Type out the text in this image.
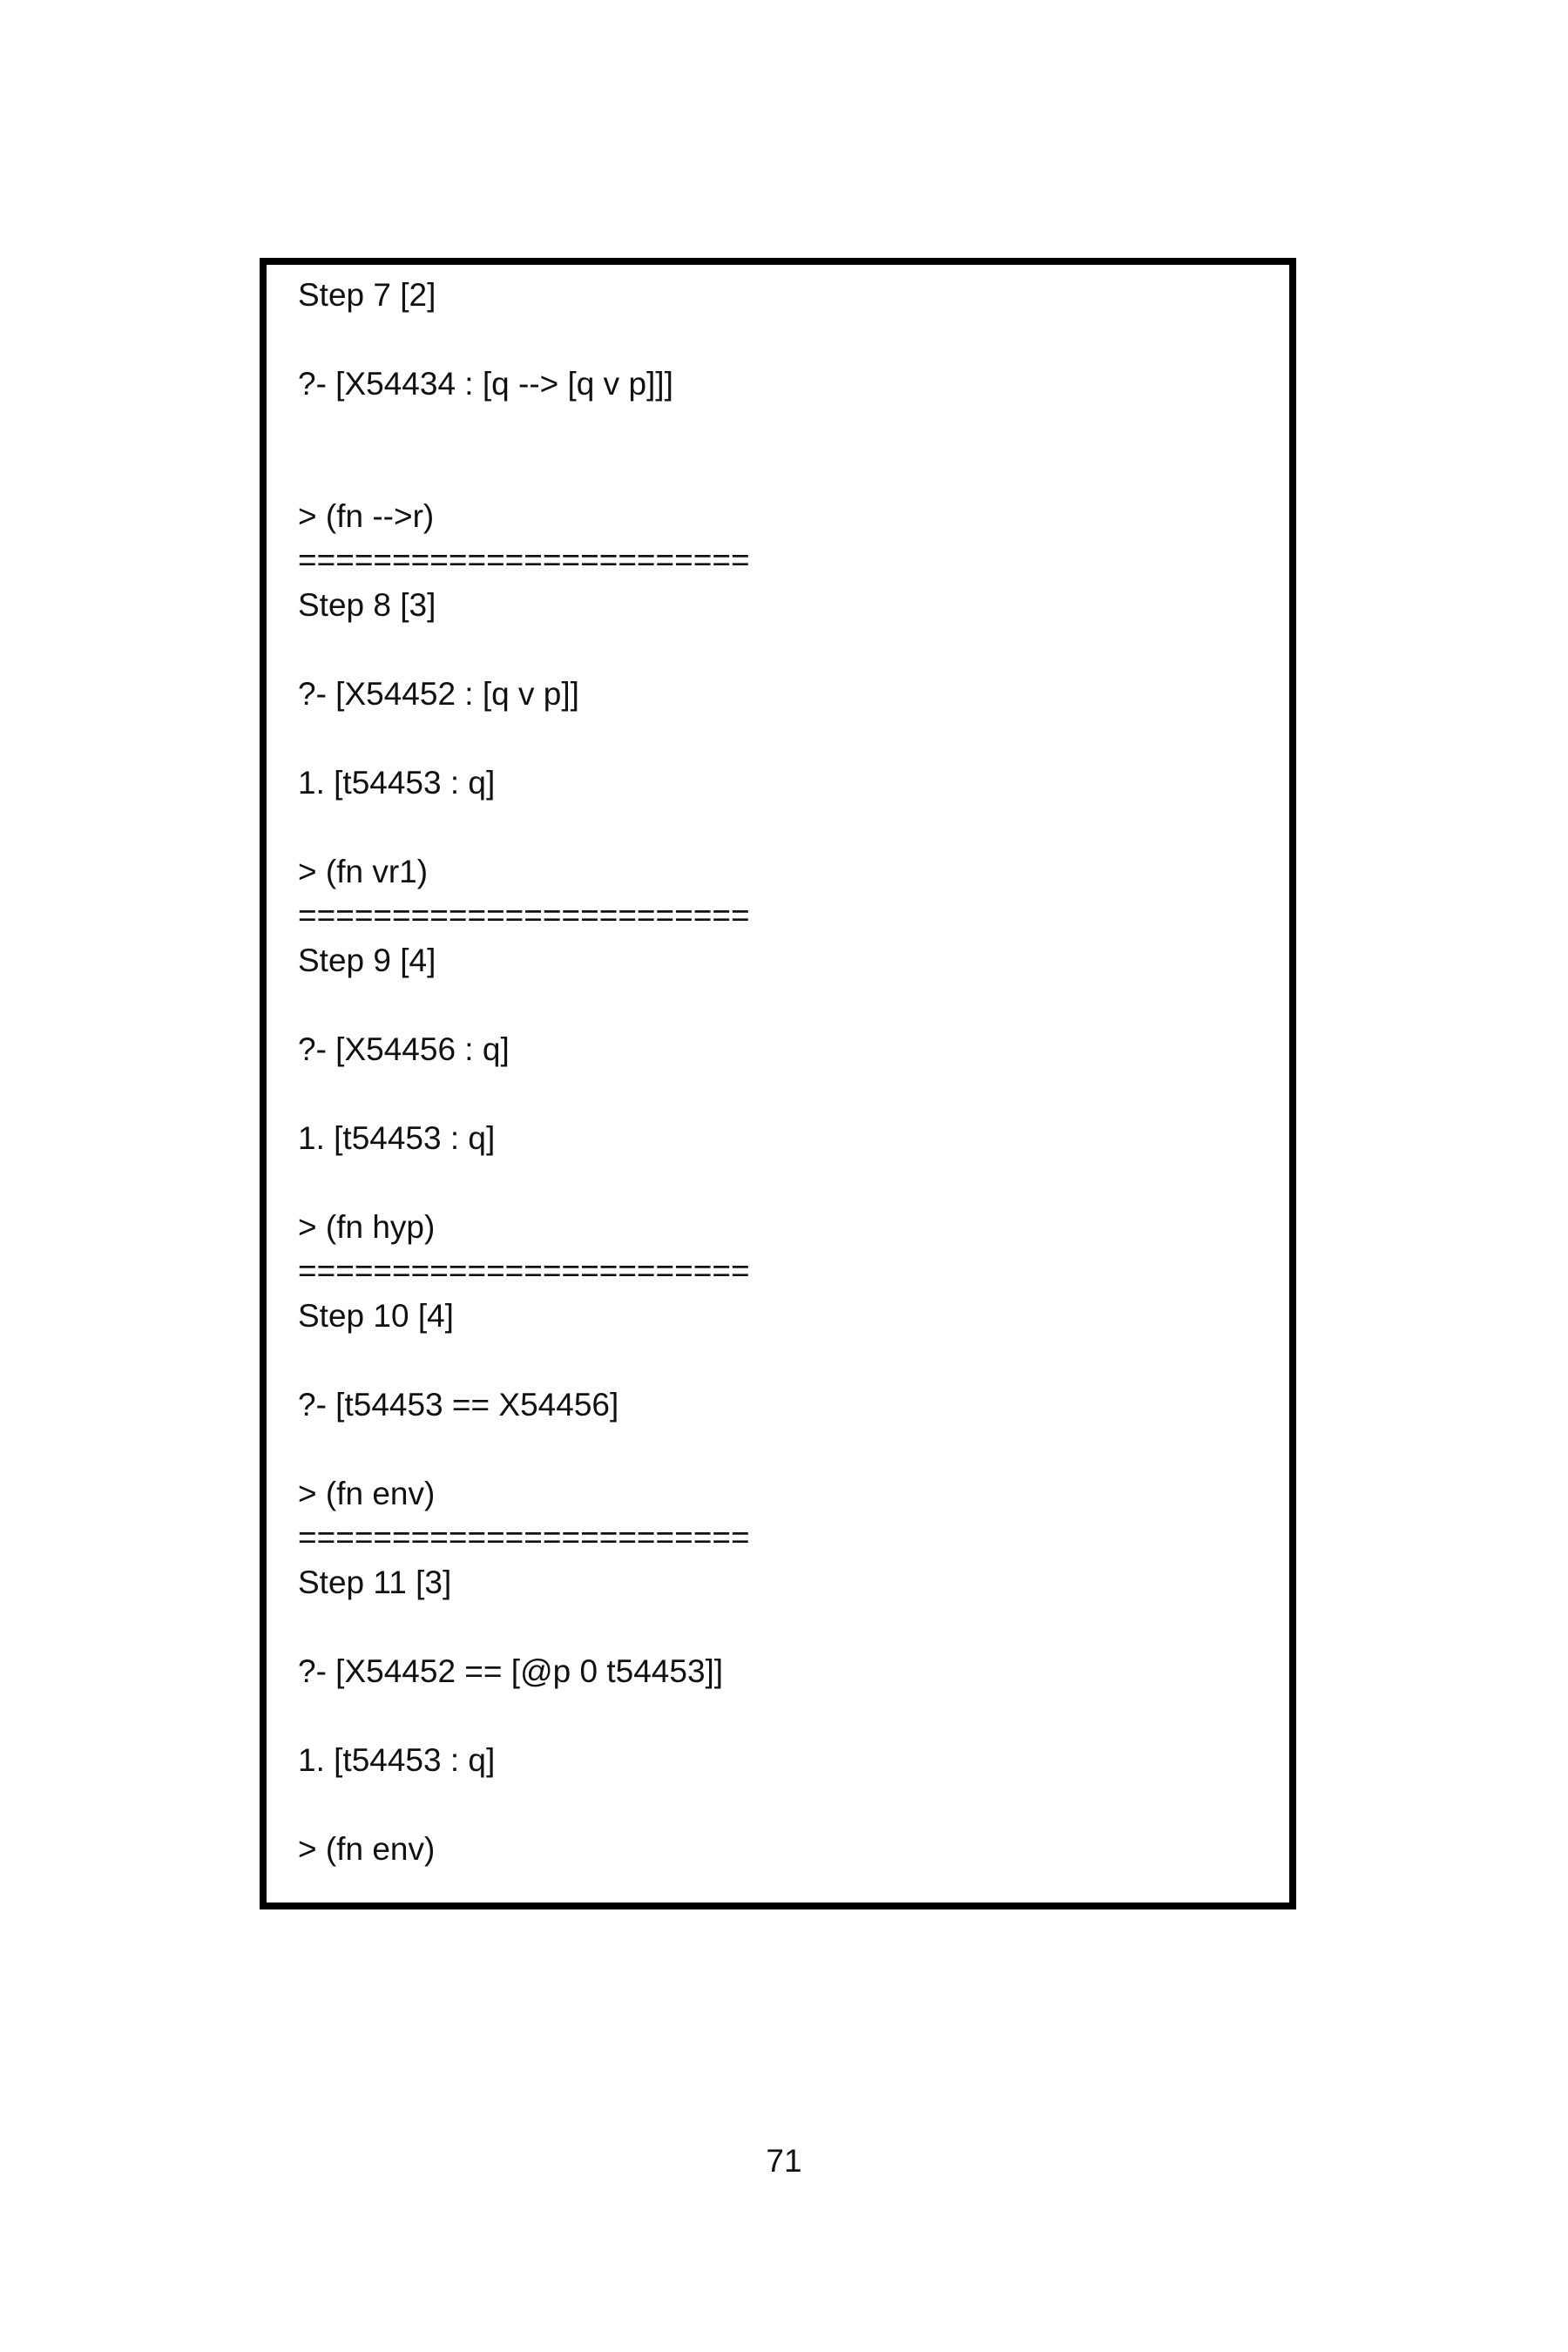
Step 7 [2]
?- [X54434 : [q --> [q v p]]]
> (fn -->r)
========================
Step 8 [3]
?- [X54452 : [q v p]]
1. [t54453 : q]
> (fn vr1)
========================
Step 9 [4]
?- [X54456 : q]
1. [t54453 : q]
> (fn hyp)
========================
Step 10 [4]
?- [t54453 == X54456]
> (fn env)
========================
Step 11 [3]
?- [X54452 == [@p 0 t54453]]
1. [t54453 : q]
> (fn env)
71
